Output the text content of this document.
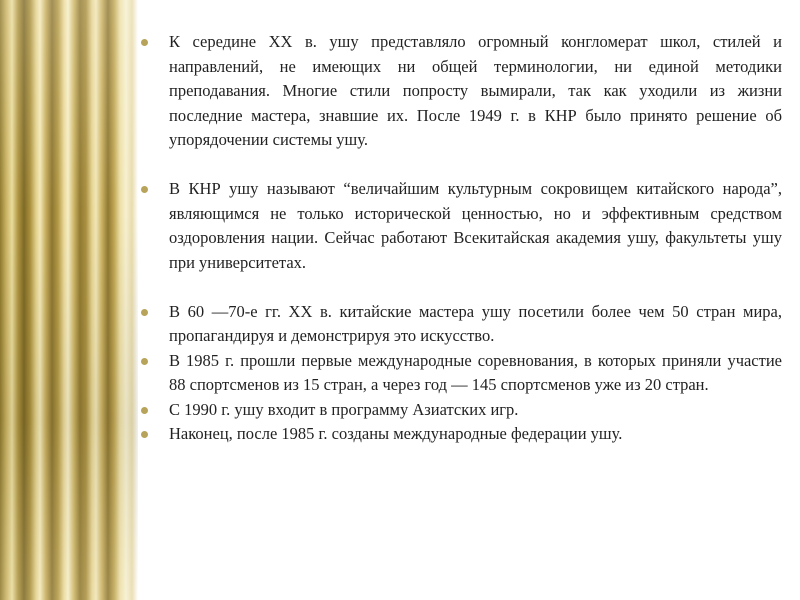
К середине ХХ в. ушу представляло огромный конгломерат школ, стилей и направлений, не имеющих ни общей терминологии, ни единой методики преподавания. Многие стили попросту вымирали, так как уходили из жизни последние мастера, знавшие их. После 1949 г. в КНР было принято решение об упорядочении системы ушу.
В КНР ушу называют “величайшим культурным сокровищем китайского народа”, являющимся не только исторической ценностью, но и эффективным средством оздоровления нации. Сейчас работают Всекитайская академия ушу, факультеты ушу при университетах.
В 60 —70-е гг. XX в. китайские мастера ушу посетили более чем 50 стран мира, пропагандируя и демонстрируя это искусство.
В 1985 г. прошли первые международные соревнования, в которых приняли участие 88 спортсменов из 15 стран, а через год — 145 спортсменов уже из 20 стран.
С 1990 г. ушу входит в программу Азиатских игр.
Наконец, после 1985 г. созданы международные федерации ушу.
